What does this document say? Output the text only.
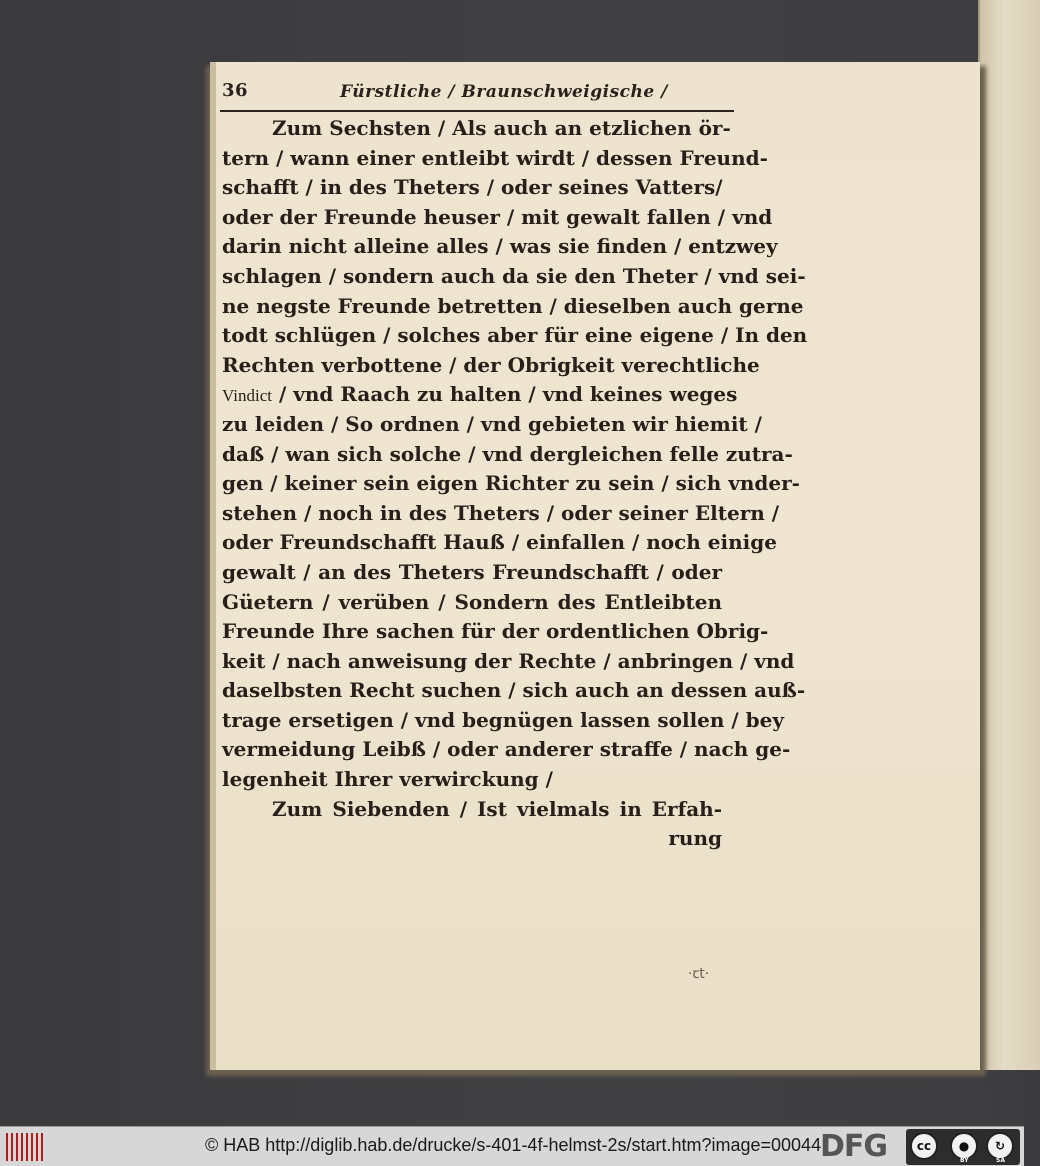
36	Fürstliche / Braunschweigische /
Zum Sechsten / Als auch an etzlichen ör-
tern / wann einer entleibt wirdt / dessen Freund-
schafft / in des Theters / oder seines Vatters/
oder der Freunde heuser / mit gewalt fallen / vnd
darin nicht alleine alles / was sie finden / entzwey
schlagen / sondern auch da sie den Theter / vnd sei-
ne negste Freunde betretten / dieselben auch gerne
todt schlügen / solches aber für eine eigene / In den
Rechten verbottene / der Obrigkeit verechtliche
Vindict / vnd Raach zu halten / vnd keines weges
zu leiden / So ordnen / vnd gebieten wir hiemit /
daß / wan sich solche / vnd dergleichen felle zutra-
gen / keiner sein eigen Richter zu sein / sich vnder-
stehen / noch in des Theters / oder seiner Eltern /
oder Freundschafft Hauß / einfallen / noch einige
gewalt / an des Theters Freundschafft / oder
Güetern / verüben / Sondern des Entleibten
Freunde Ihre sachen für der ordentlichen Obrig-
keit / nach anweisung der Rechte / anbringen / vnd
daselbsten Recht suchen / sich auch an dessen auß-
trage ersetigen / vnd begnügen lassen sollen / bey
vermeidung Leibß / oder anderer straffe / nach ge-
legenheit Ihrer verwirckung /
Zum Siebenden / Ist vielmals in Erfah-
rung
·ꞇt·
© HAB http://diglib.hab.de/drucke/s-401-4f-helmst-2s/start.htm?image=00044
DFG	cc	●	↻
BY	SA
